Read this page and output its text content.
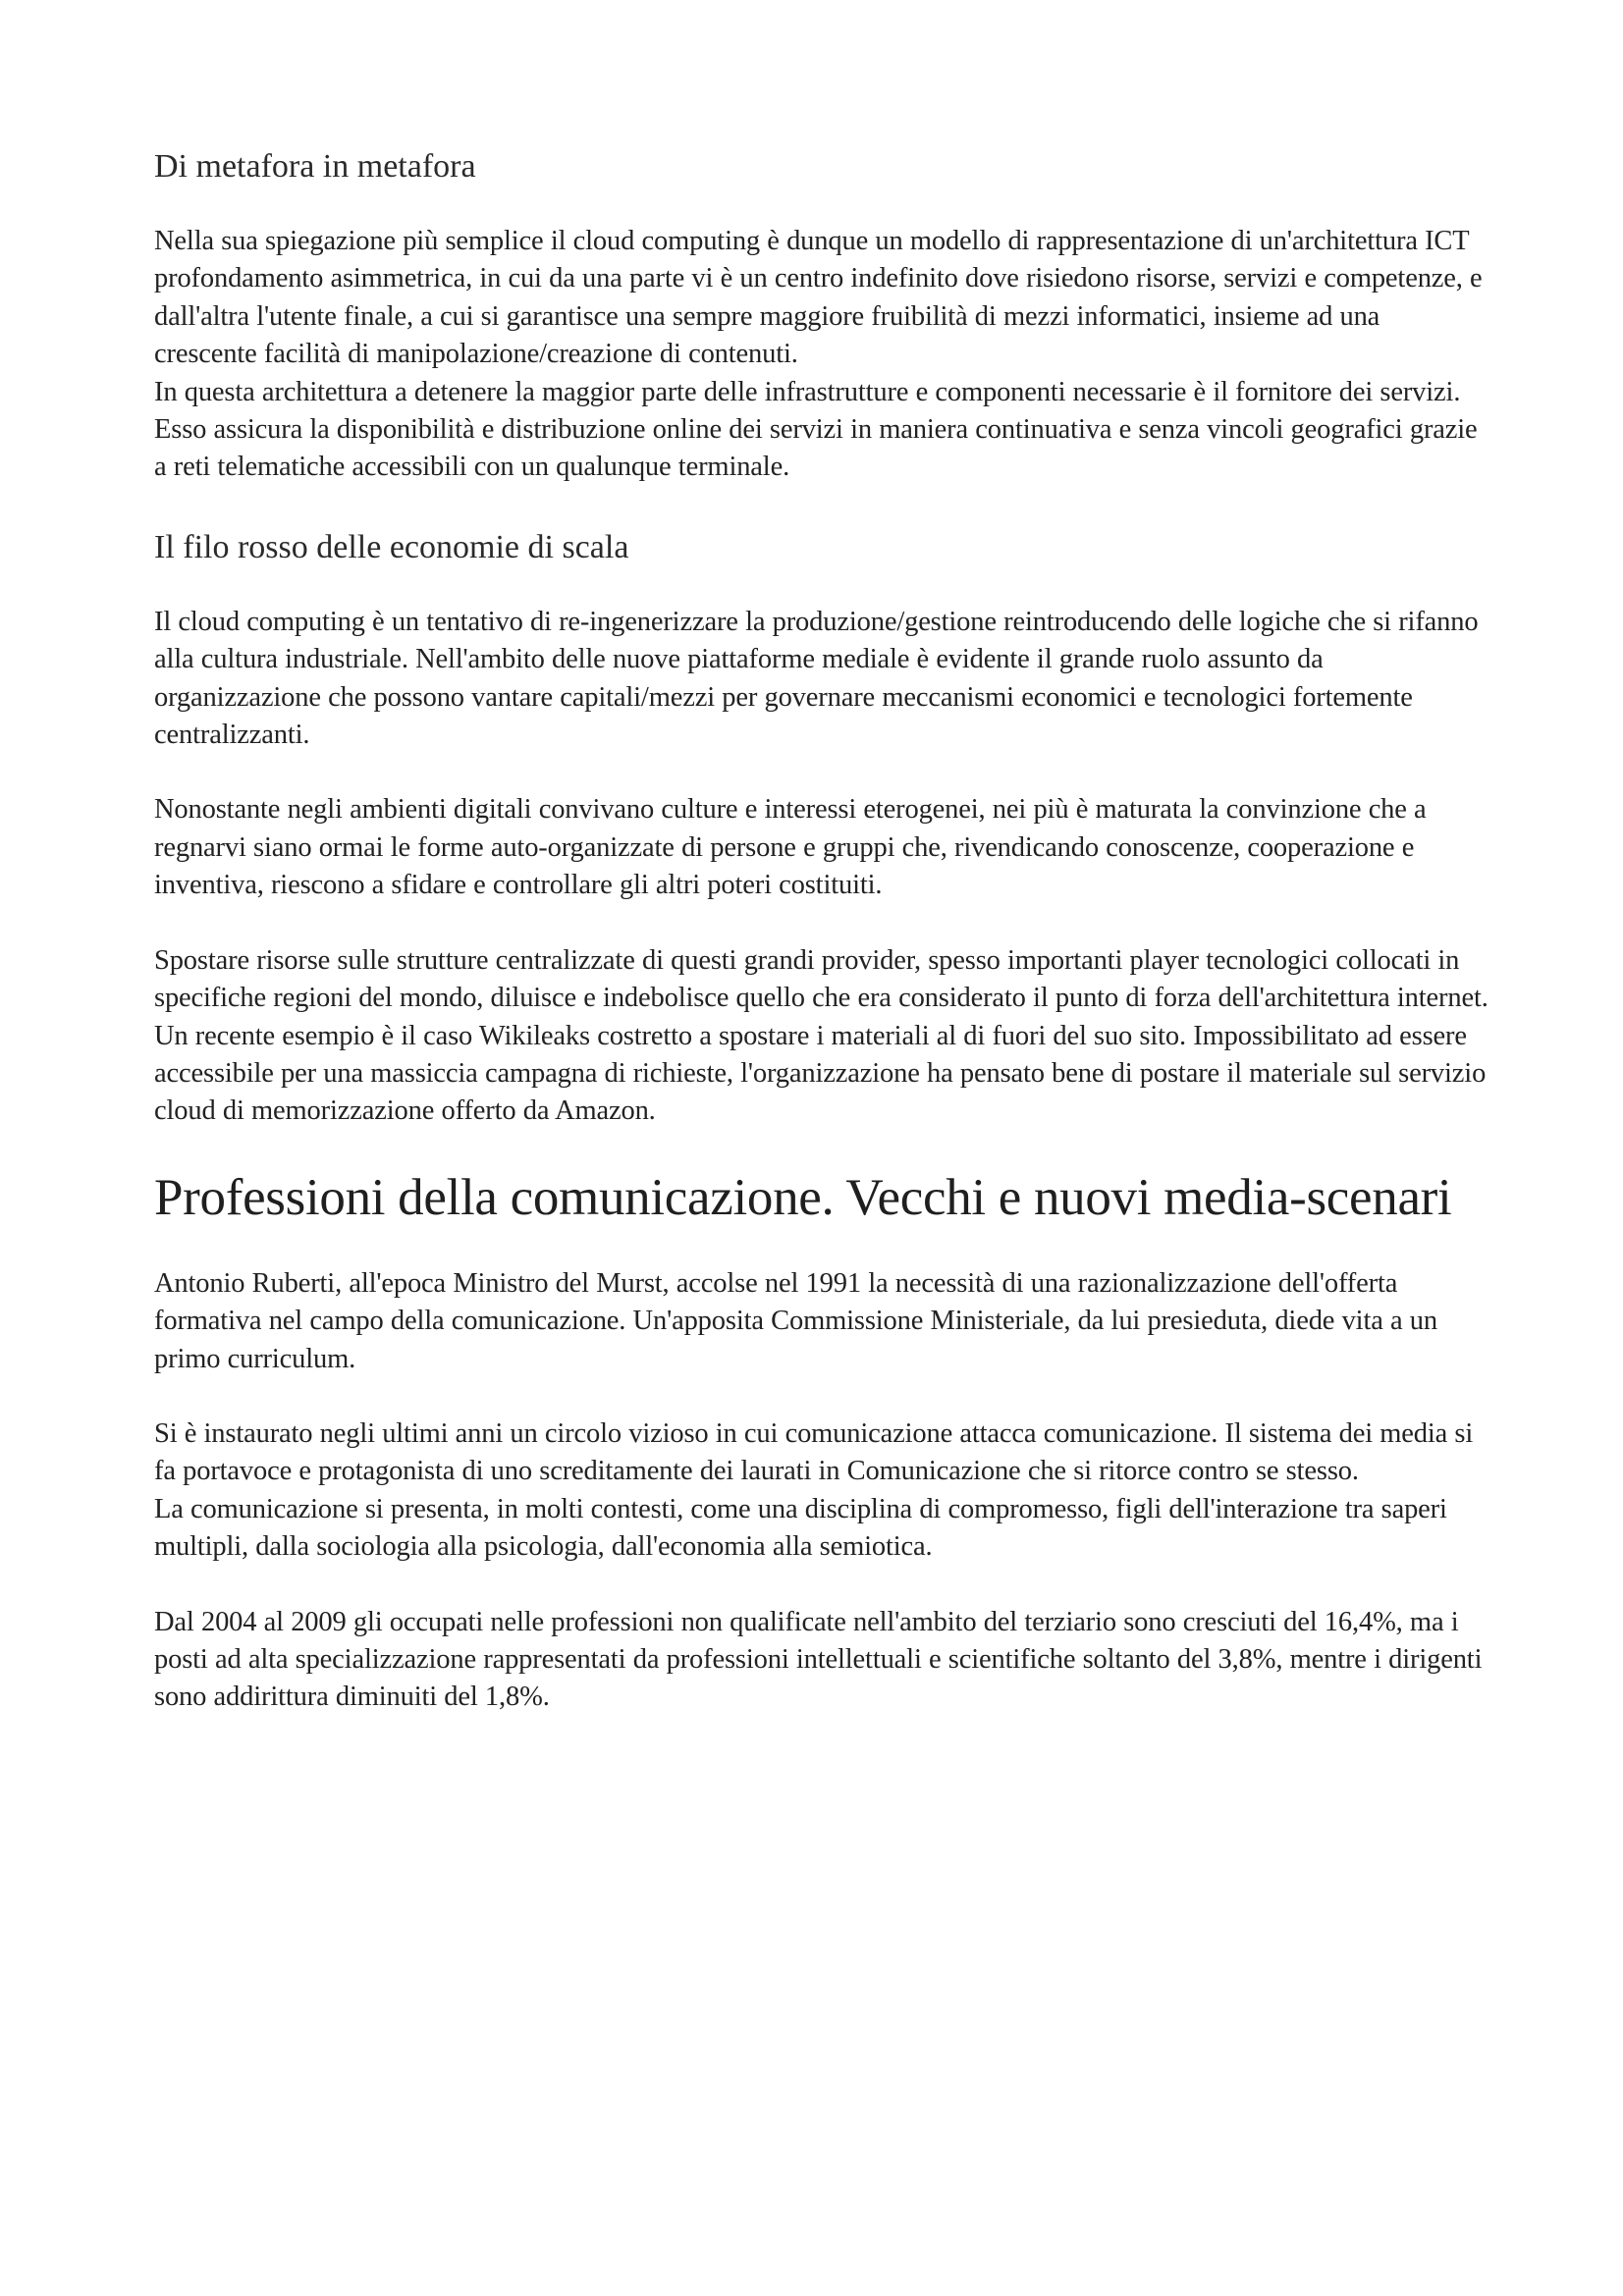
Di metafora in metafora

Nella sua spiegazione più semplice il cloud computing è dunque un modello di rappresentazione di un'architettura ICT profondamento asimmetrica, in cui da una parte vi è un centro indefinito dove risiedono risorse, servizi e competenze, e dall'altra l'utente finale, a cui si garantisce una sempre maggiore fruibilità di mezzi informatici, insieme ad una crescente facilità di manipolazione/creazione di contenuti.

In questa architettura a detenere la maggior parte delle infrastrutture e componenti necessarie è il fornitore dei servizi. Esso assicura la disponibilità e distribuzione online dei servizi in maniera continuativa e senza vincoli geografici grazie a reti telematiche accessibili con un qualunque terminale.

Il filo rosso delle economie di scala

Il cloud computing è un tentativo di re-ingenerizzare la produzione/gestione reintroducendo delle logiche che si rifanno alla cultura industriale. Nell'ambito delle nuove piattaforme mediale è evidente il grande ruolo assunto da organizzazione che possono vantare capitali/mezzi per governare meccanismi economici e tecnologici fortemente centralizzanti.

Nonostante negli ambienti digitali convivano culture e interessi eterogenei, nei più è maturata la convinzione che a regnarvi siano ormai le forme auto-organizzate di persone e gruppi che, rivendicando conoscenze, cooperazione e inventiva, riescono a sfidare e controllare gli altri poteri costituiti.

Spostare risorse sulle strutture centralizzate di questi grandi provider, spesso importanti player tecnologici collocati in specifiche regioni del mondo, diluisce e indebolisce quello che era considerato il punto di forza dell'architettura internet. Un recente esempio è il caso Wikileaks costretto a spostare i materiali al di fuori del suo sito. Impossibilitato ad essere accessibile per una massiccia campagna di richieste, l'organizzazione ha pensato bene di postare il materiale sul servizio cloud di memorizzazione offerto da Amazon.

Professioni della comunicazione. Vecchi e nuovi media-scenari

Antonio Ruberti, all'epoca Ministro del Murst, accolse nel 1991 la necessità di una razionalizzazione dell'offerta formativa nel campo della comunicazione. Un'apposita Commissione Ministeriale, da lui presieduta, diede vita a un primo curriculum.

Si è instaurato negli ultimi anni un circolo vizioso in cui comunicazione attacca comunicazione. Il sistema dei media si fa portavoce e protagonista di uno screditamente dei laurati in Comunicazione che si ritorce contro se stesso.

La comunicazione si presenta, in molti contesti, come una disciplina di compromesso, figli dell'interazione tra saperi multipli, dalla sociologia alla psicologia, dall'economia alla semiotica.

Dal 2004 al 2009 gli occupati nelle professioni non qualificate nell'ambito del terziario sono cresciuti del 16,4%, ma i posti ad alta specializzazione rappresentati da professioni intellettuali e scientifiche soltanto del 3,8%, mentre i dirigenti sono addirittura diminuiti del 1,8%.
